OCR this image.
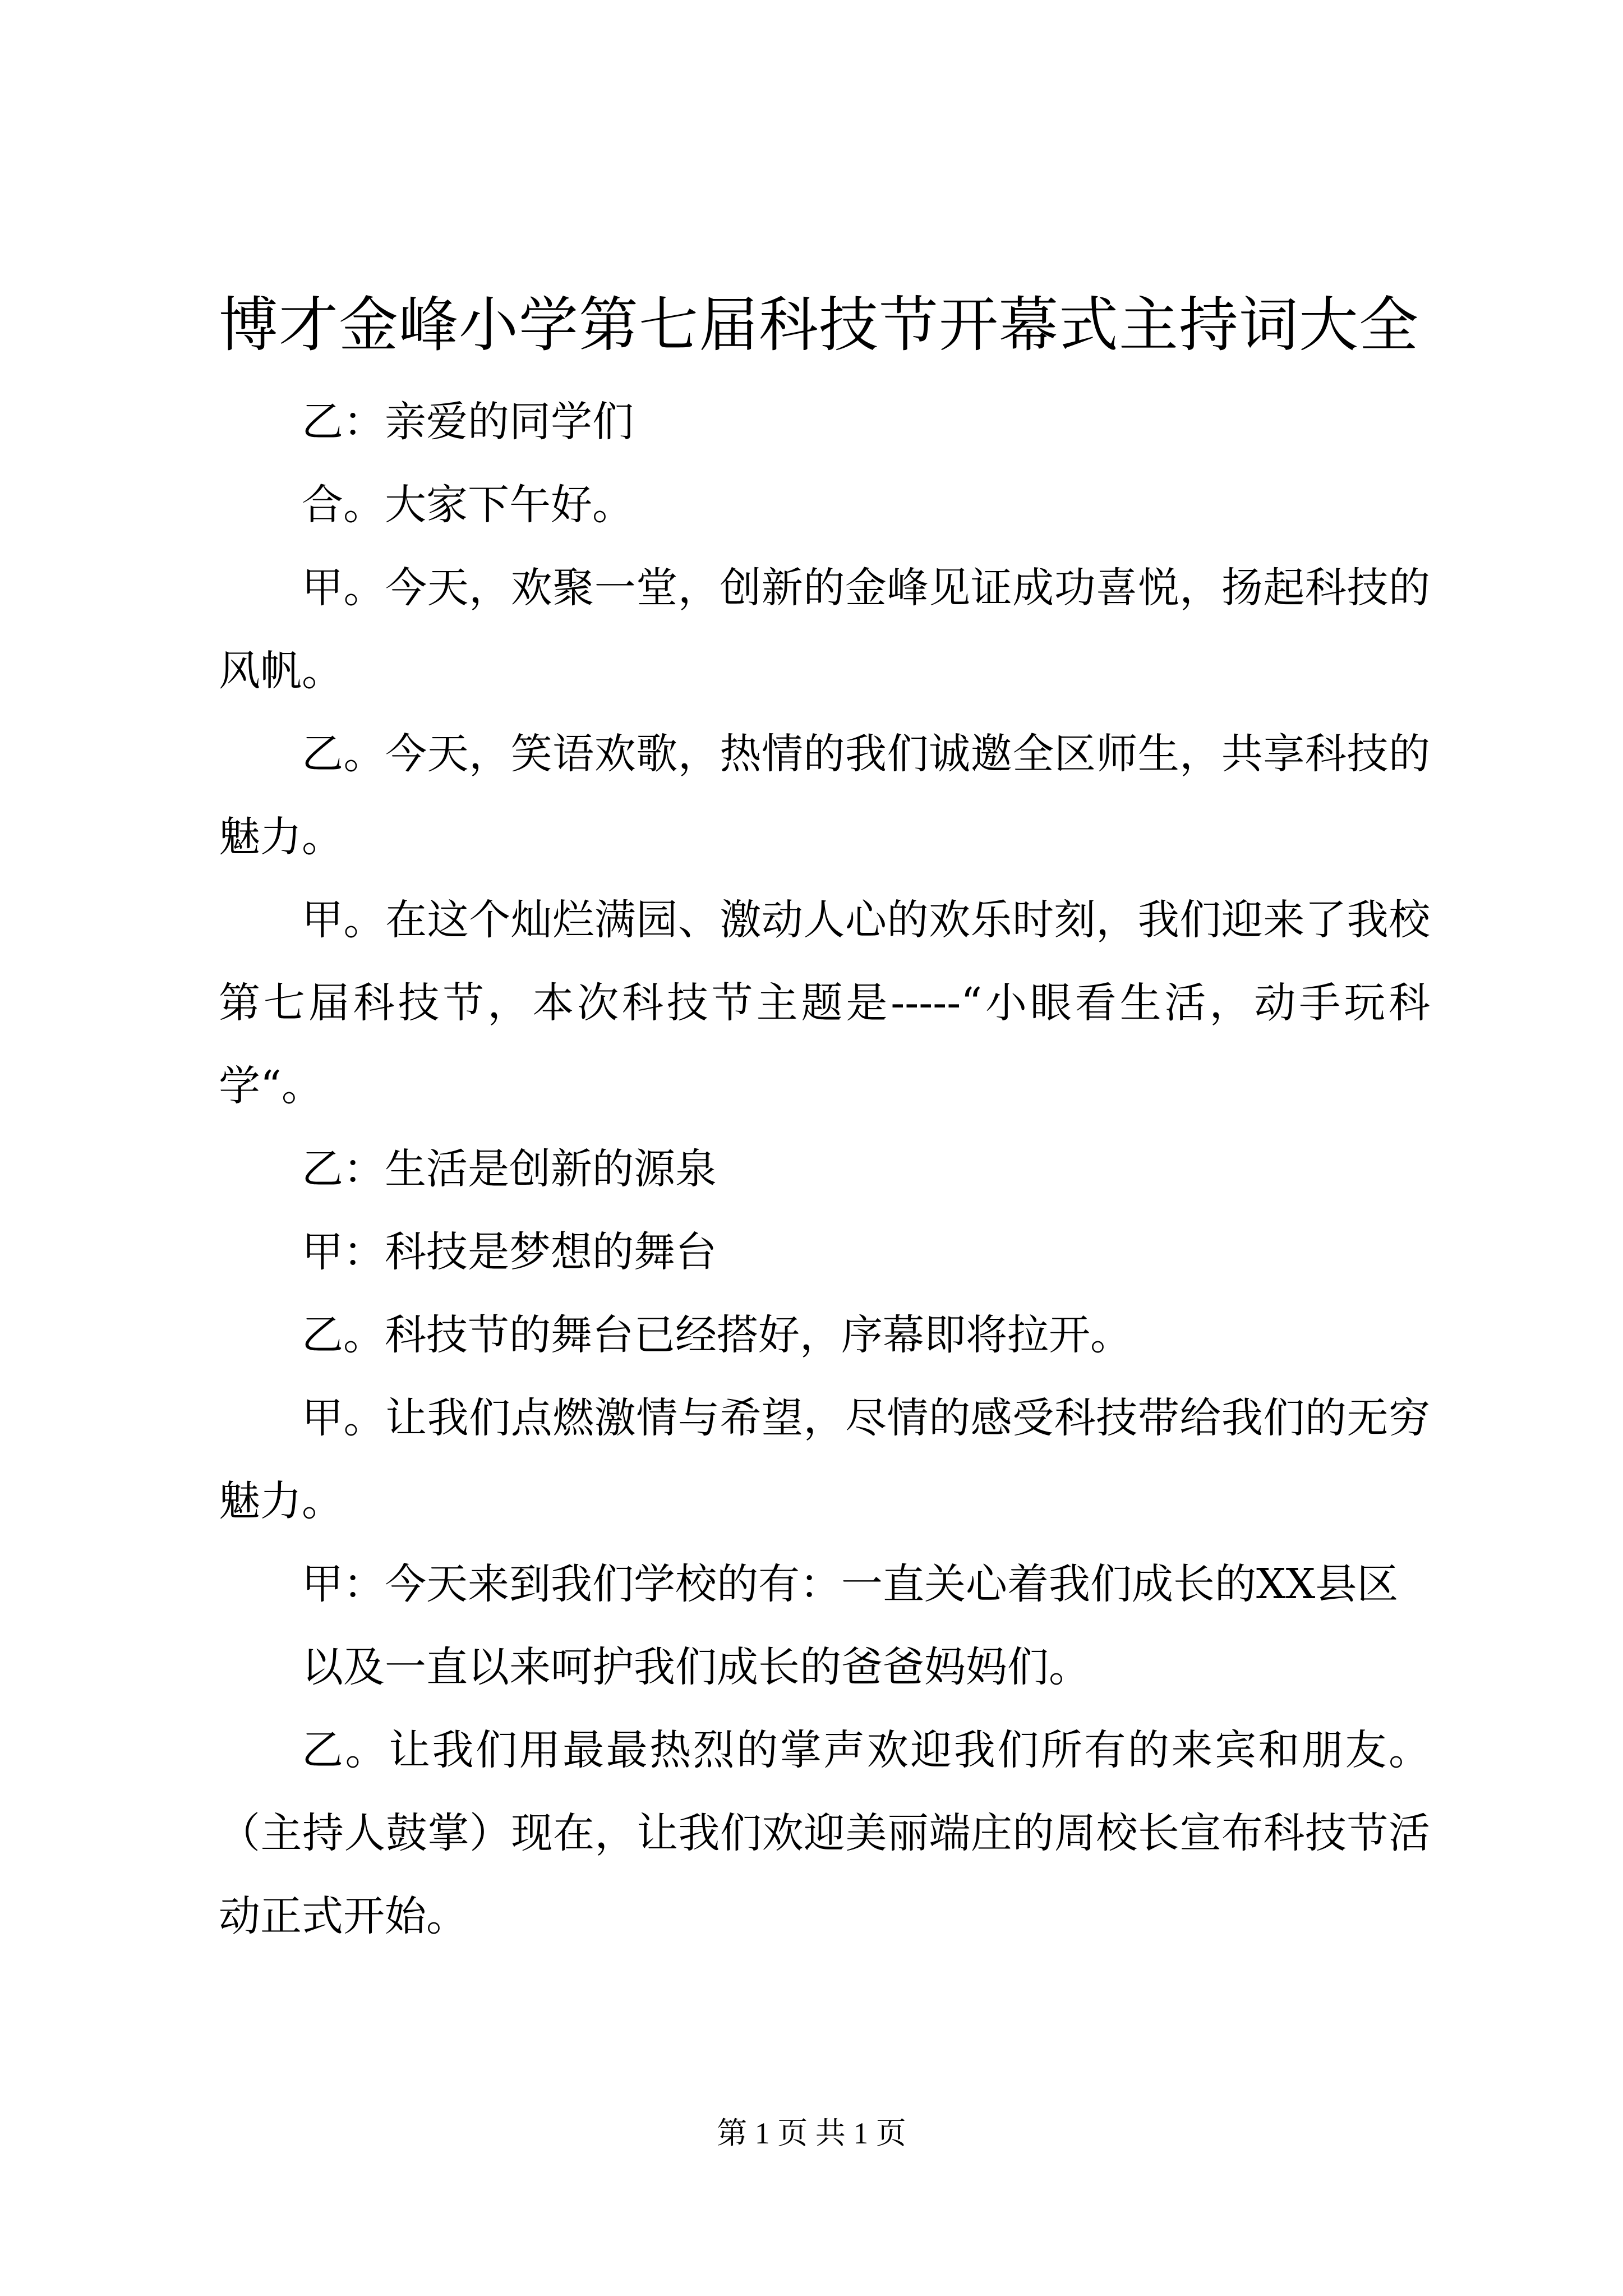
博才金峰小学第七届科技节开幕式主持词大全

乙：亲爱的同学们

合。大家下午好。

甲。今天，欢聚一堂，创新的金峰见证成功喜悦，扬起科技的风帆。

乙。今天，笑语欢歌，热情的我们诚邀全区师生，共享科技的魅力。

甲。在这个灿烂满园、激动人心的欢乐时刻，我们迎来了我校第七届科技节，本次科技节主题是-----“小眼看生活，动手玩科学“。

乙：生活是创新的源泉

甲：科技是梦想的舞台

乙。科技节的舞台已经搭好，序幕即将拉开。

甲。让我们点燃激情与希望，尽情的感受科技带给我们的无穷魅力。

甲：今天来到我们学校的有：一直关心着我们成长的XX县区

以及一直以来呵护我们成长的爸爸妈妈们。

乙。让我们用最最热烈的掌声欢迎我们所有的来宾和朋友。（主持人鼓掌）现在，让我们欢迎美丽端庄的周校长宣布科技节活动正式开始。

第 1 页 共 1 页
